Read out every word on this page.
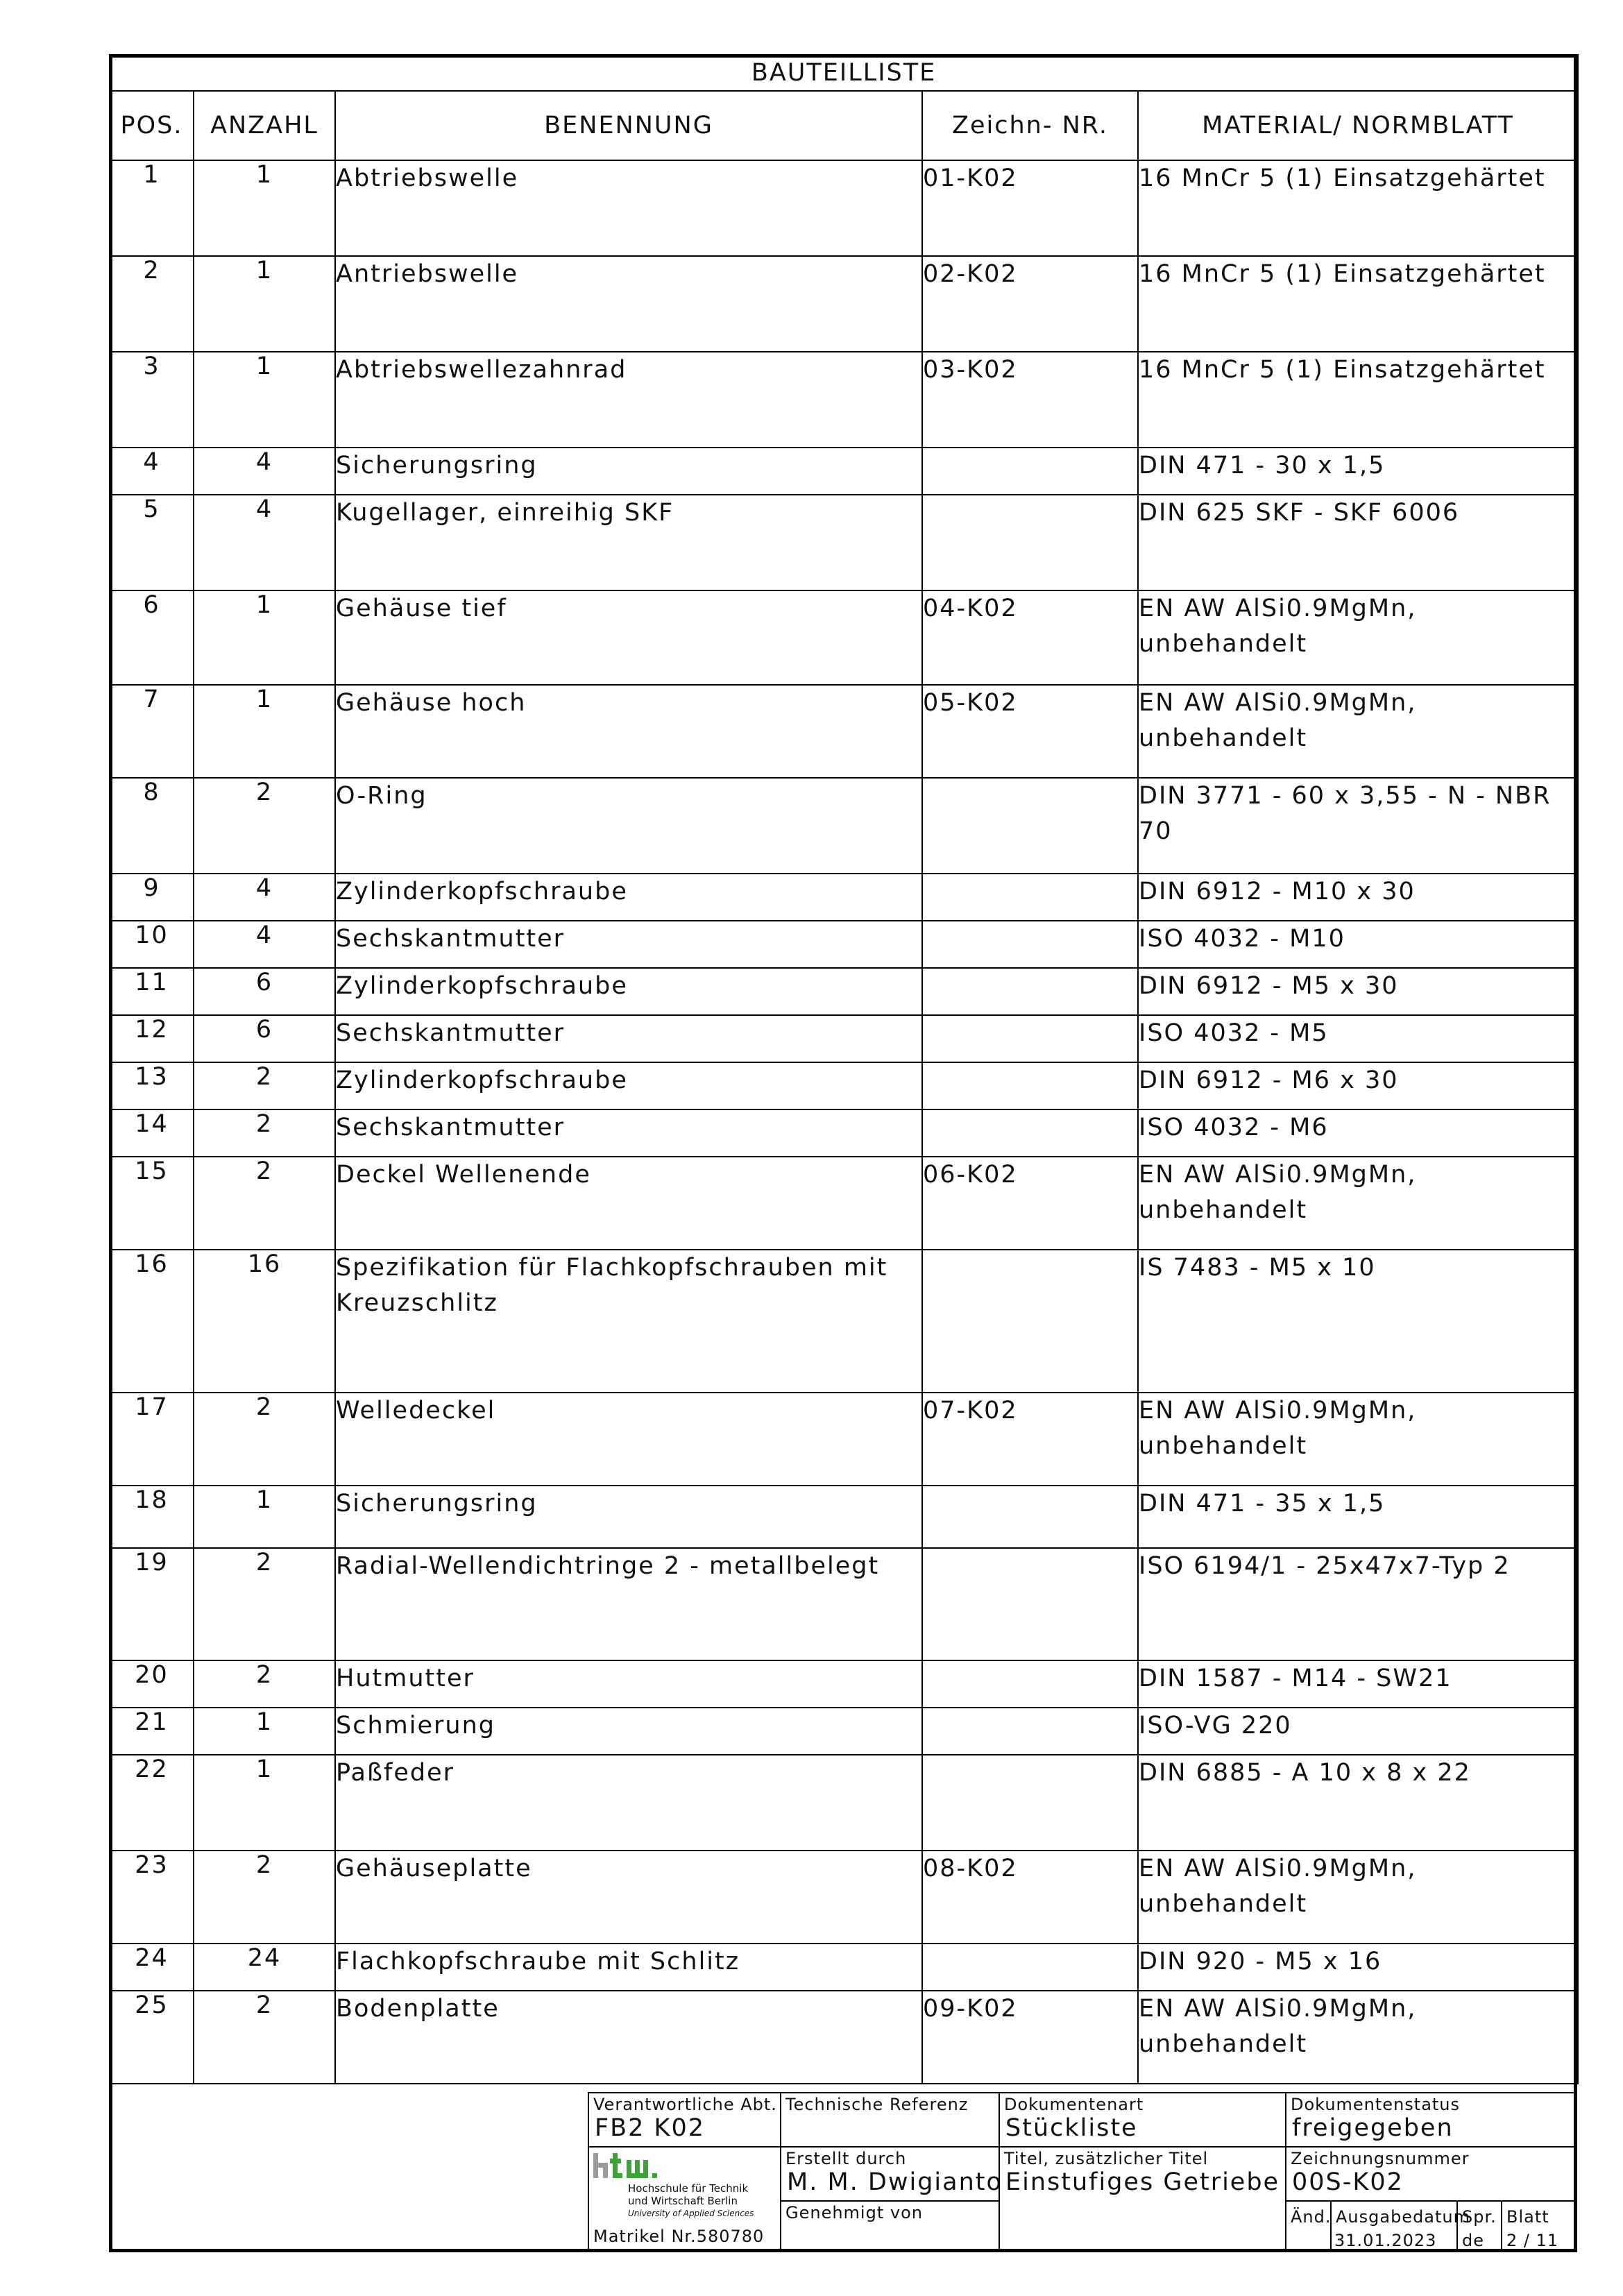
BAUTEILLISTE				
POS.	ANZAHL	BENENNUNG	Zeichn- NR.	MATERIAL/ NORMBLATT
1	1	Abtriebswelle	01-K02	16 MnCr 5 (1) Einsatzgehärtet
2	1	Antriebswelle	02-K02	16 MnCr 5 (1) Einsatzgehärtet
3	1	Abtriebswellezahnrad	03-K02	16 MnCr 5 (1) Einsatzgehärtet
4	4	Sicherungsring		DIN 471 - 30 x 1,5
5	4	Kugellager, einreihig SKF		DIN 625 SKF - SKF 6006
6	1	Gehäuse tief	04-K02	EN AW AlSi0.9MgMn, unbehandelt
7	1	Gehäuse hoch	05-K02	EN AW AlSi0.9MgMn, unbehandelt
8	2	O-Ring		DIN 3771 - 60 x 3,55 - N - NBR 70
9	4	Zylinderkopfschraube		DIN 6912 - M10 x 30
10	4	Sechskantmutter		ISO 4032 - M10
11	6	Zylinderkopfschraube		DIN 6912 - M5 x 30
12	6	Sechskantmutter		ISO 4032 - M5
13	2	Zylinderkopfschraube		DIN 6912 - M6 x 30
14	2	Sechskantmutter		ISO 4032 - M6
15	2	Deckel Wellenende	06-K02	EN AW AlSi0.9MgMn, unbehandelt
16	16	Spezifikation für Flachkopfschrauben mit Kreuzschlitz		IS 7483 - M5 x 10
17	2	Welledeckel	07-K02	EN AW AlSi0.9MgMn, unbehandelt
18	1	Sicherungsring		DIN 471 - 35 x 1,5
19	2	Radial-Wellendichtringe 2 - metallbelegt		ISO 6194/1 - 25x47x7-Typ 2
20	2	Hutmutter		DIN 1587 - M14 - SW21
21	1	Schmierung		ISO-VG 220
22	1	Paßfeder		DIN 6885 - A 10 x 8 x 22
23	2	Gehäuseplatte	08-K02	EN AW AlSi0.9MgMn, unbehandelt
24	24	Flachkopfschraube mit Schlitz		DIN 920 - M5 x 16
25	2	Bodenplatte	09-K02	EN AW AlSi0.9MgMn, unbehandelt
Verantwortliche Abt.
FB2 K02
Technische Referenz Dokumentenart
Stückliste
Dokumentenstatus
freigegeben
htw.
Hochschule für Technik
und Wirtschaft Berlin
University of Applied Sciences
Matrikel Nr.580780
Erstellt durch
M. M. Dwigianto
Genehmigt von
Titel, zusätzlicher Titel
Einstufiges Getriebe
Zeichnungsnummer
00S-K02
Änd. Ausgabedatum
31.01.2023
Spr.
de
Blatt
2 / 11
